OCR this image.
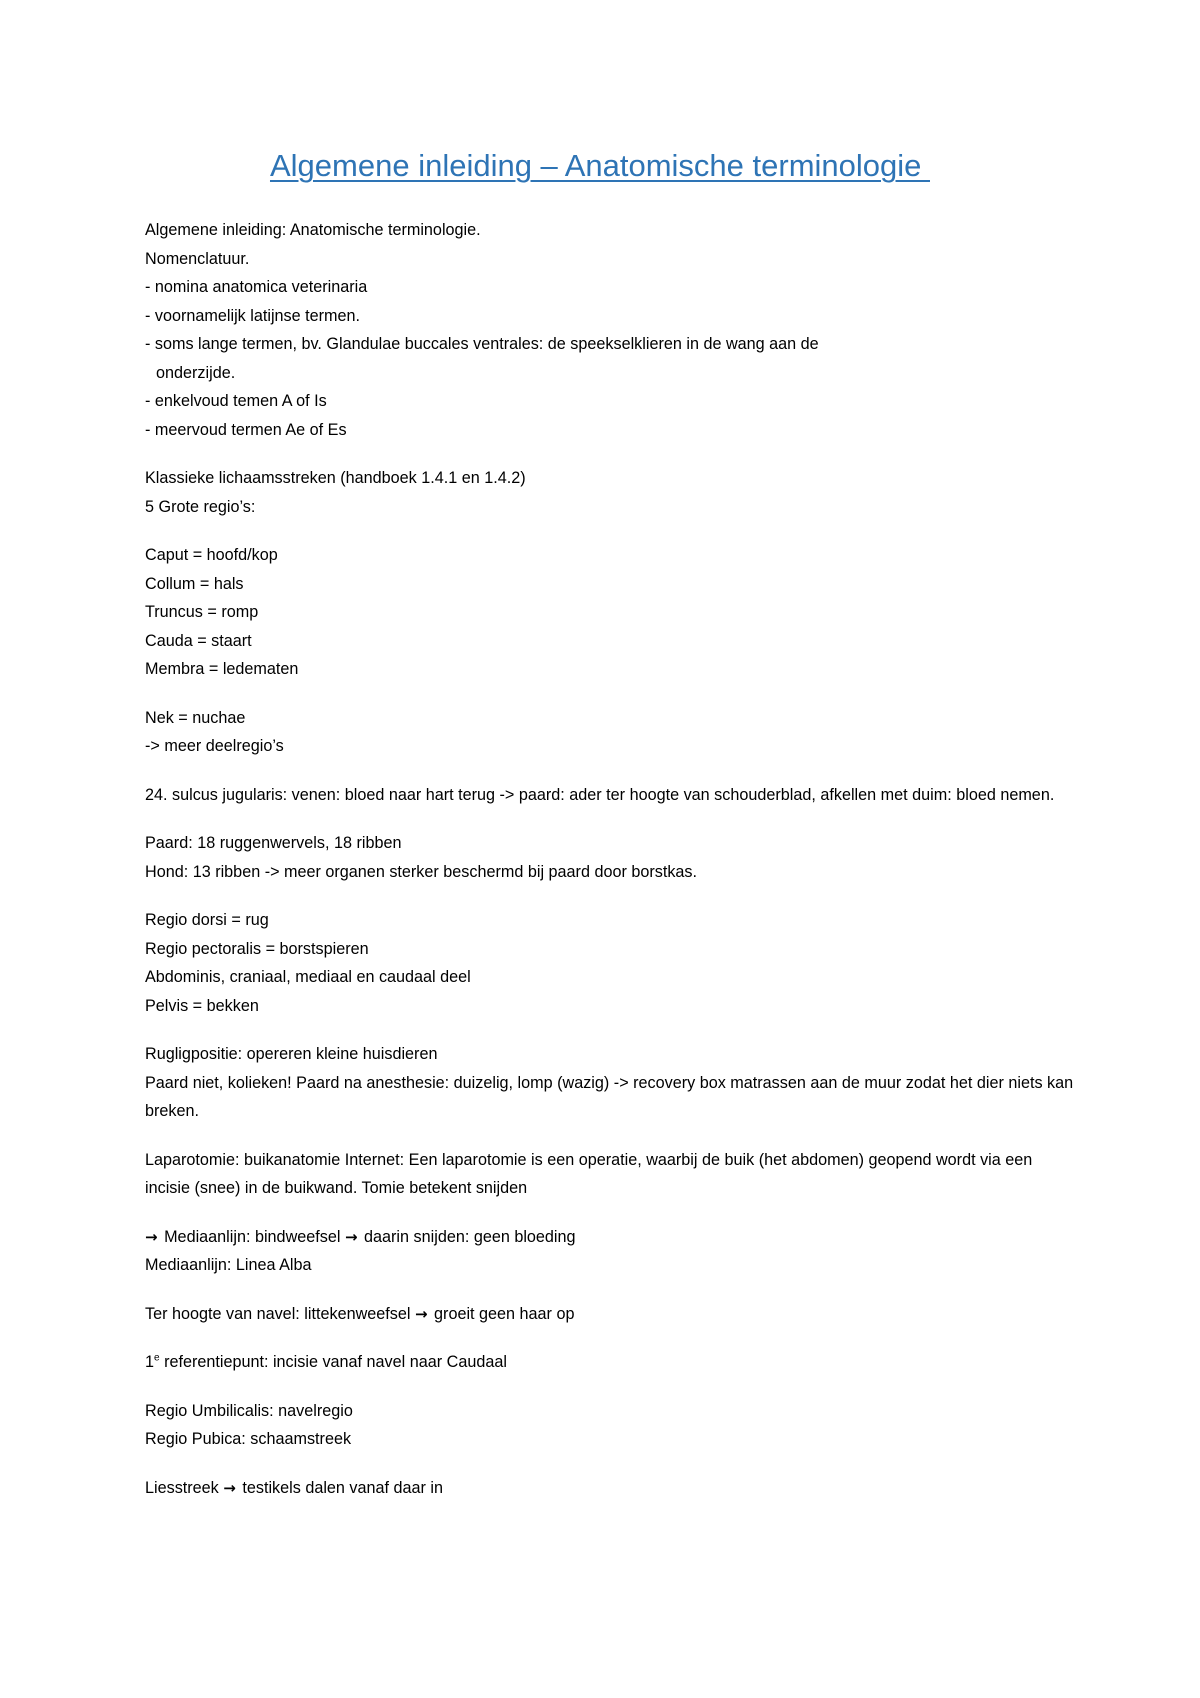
Algemene inleiding – Anatomische terminologie
Algemene inleiding: Anatomische terminologie.
Nomenclatuur.
- nomina anatomica veterinaria
- voornamelijk latijnse termen.
- soms lange termen, bv. Glandulae buccales ventrales: de speekselklieren in de wang aan de
onderzijde.
- enkelvoud temen A of Is
- meervoud termen Ae of Es
Klassieke lichaamsstreken (handboek 1.4.1 en 1.4.2)
5 Grote regio’s:
Caput = hoofd/kop
Collum = hals
Truncus = romp
Cauda = staart
Membra = ledematen
Nek = nuchae
-> meer deelregio’s
24. sulcus jugularis: venen: bloed naar hart terug -> paard: ader ter hoogte van schouderblad, afkellen met duim: bloed nemen.
Paard: 18 ruggenwervels, 18 ribben
Hond: 13 ribben -> meer organen sterker beschermd bij paard door borstkas.
Regio dorsi = rug
Regio pectoralis = borstspieren
Abdominis, craniaal, mediaal en caudaal deel
Pelvis = bekken
Rugligpositie: opereren kleine huisdieren
Paard niet, kolieken! Paard na anesthesie: duizelig, lomp (wazig) -> recovery box matrassen aan de muur zodat het dier niets kan breken.
Laparotomie: buikanatomie Internet: Een laparotomie is een operatie, waarbij de buik (het abdomen) geopend wordt via een incisie (snee) in de buikwand. Tomie betekent snijden
→ Mediaanlijn: bindweefsel → daarin snijden: geen bloeding
Mediaanlijn: Linea Alba
Ter hoogte van navel: littekenweefsel → groeit geen haar op
1e referentiepunt: incisie vanaf navel naar Caudaal
Regio Umbilicalis: navelregio
Regio Pubica: schaamstreek
Liesstreek → testikels dalen vanaf daar in
